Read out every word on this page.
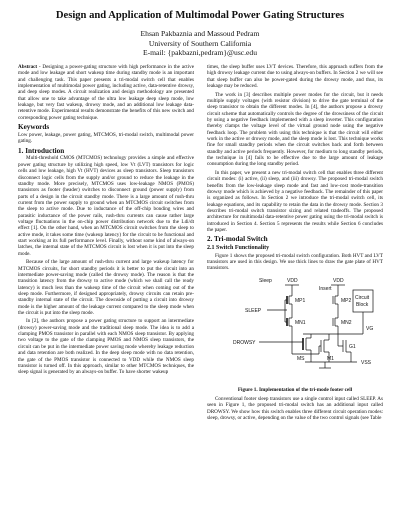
Design and Application of Multimodal Power Gating Structures
Ehsan Pakbaznia and Massoud Pedram
University of Southern California
E-mail: {pakbazni,pedram}@usc.edu

Abstract - Designing a power-gating structure with high performance in the active mode and low leakage and short wakeup time during standby mode is an important and challenging task. This paper presents a tri-modal switch cell that enables implementation of multimodal power gating, including active, data-retentive drowsy, and deep sleep modes. A circuit realization and design methodology are presented that allow one to take advantage of the ultra low leakage deep sleep mode, low leakage, but very fast wakeup, drowsy mode, and an additional low leakage data-retentive mode. Experimental results demonstrate the benefits of this new switch and corresponding power gating technique.

Keywords

Low power, leakage, power gating, MTCMOS, tri-modal switch, multimodal power gating.

1. Introduction

Multi-threshold CMOS (MTCMOS) technology provides a simple and effective power gating structure by utilizing high speed, low Vt (LVT) transistors for logic cells and low leakage, high Vt (HVT) devices as sleep transistors. Sleep transistors disconnect logic cells from the supply and/or ground to reduce the leakage in the standby mode. More precisely, MTCMOS uses low-leakage NMOS (PMOS) transistors as footer (header) switches to disconnect ground (power supply) from parts of a design in the circuit standby mode. There is a large amount of rush-thru current from the power supply to ground when an MTCMOS circuit switches from the sleep to active mode. Due to inductance of the off-chip bonding wires and parasitic inductance of the power rails, rush-thru currents can cause rather large voltage fluctuations in the on-chip power distribution network due to the Ldi/dt effect [1]. On the other hand, when an MTCMOS circuit switches from the sleep to active mode, it takes some time (wakeup latency) for the circuit to be functional and start working at its full performance level. Finally, without some kind of always-on latches, the internal state of the MTCMOS circuit is lost when it is put into the sleep mode.

Because of the large amount of rush-thru current and large wakeup latency for MTCMOS circuits, for short standby periods it is better to put the circuit into an intermediate power-saving mode (called the drowsy mode). The reason is that the transition latency from the drowsy to active mode (which we shall call the ready latency) is much less than the wakeup time of the circuit when coming out of the sleep mode. Furthermore, if designed appropriately, drowsy circuits can retain pre-standby internal state of the circuit. The downside of putting a circuit into drowsy mode is the higher amount of the leakage current compared to the sleep mode when the circuit is put into the sleep mode.

In [2], the authors propose a power gating structure to support an intermediate (drowsy) power-saving mode and the traditional sleep mode. The idea is to add a clamping PMOS transistor in parallel with each NMOS sleep transistor. By applying two voltage to the gate of the clamping PMOS and NMOS sleep transistors, the circuit can be put in the intermediate power saving mode whereby leakage reduction and data retention are both realized. In the deep sleep mode with no data retention, the gate of the PMOS transistor is connected to VDD while the NMOS sleep transistor is turned off. In this approach, similar to other MTCMOS techniques, the sleep signal is generated by an always-on buffer. To have shorter wakeup

times, the sleep buffer uses LVT devices. Therefore, this approach suffers from the high drowsy leakage current due to using always-on buffers. In Section 2 we will see that sleep buffer can also be power-gated during the drowsy mode, and thus, its leakage may be reduced.

The work in [3] describes multiple power modes for the circuit, but it needs multiple supply voltages (with resistor division) to drive the gate terminal of the sleep transistor to obtain the different modes. In [4], the authors propose a drowsy circuit scheme that automatically controls the degree of the drowsiness of the circuit by using a negative feedback implemented with a sleep inverter. This configuration thereby clamps the voltage level of the virtual ground node using the negative feedback loop. The problem with using this technique is that the circuit will either work in the active or drowsy mode, and the sleep mode is lost. This technique works fine for small standby periods when the circuit switches back and forth between standby and active periods frequently. However, for medium to long standby periods, the technique in [4] fails to be effective due to the large amount of leakage consumption during the long standby period.

In this paper, we present a new tri-modal switch cell that enables three different circuit modes: (i) active, (ii) sleep, and (iii) drowsy. The proposed tri-modal switch benefits from the low-leakage sleep mode and fast and low-cost mode-transition drowsy mode which is achieved by a negative feedback. The remainder of this paper is organized as follows. In Section 2 we introduce the tri-modal switch cell, its leakage equations, and its capability to retain the data in the drowsy mode. Section 3 describes tri-modal switch transistor sizing and related tradeoffs. The proposed architecture for multimodal data-retentive power gating using the tri-modal switch is introduced in Section 4. Section 5 represents the results while Section 6 concludes the paper.

2. Tri-modal Switch
2.1 Switch Functionality

Figure 1 shows the proposed tri-modal switch configuration. Both HVT and LVT transistors are used in this design. We use thick lines to draw the gate plate of HVT transistors.

Sleep	VDD	VDD
Insert
MP1
MN1
SLEEP
MP2
MN2
Circuit
Block
VG
DROWSY
MS	M1
G1
VSS
Figure 1. Implementation of the tri-mode footer cell

Conventional footer sleep transistors use a single control input called SLEEP. As seen in Figure 1, the proposed tri-modal switch has an additional input called DROWSY. We show how this switch enables three different circuit operation modes: sleep, drowsy, or active, depending on the value of the two control signals (see Table
